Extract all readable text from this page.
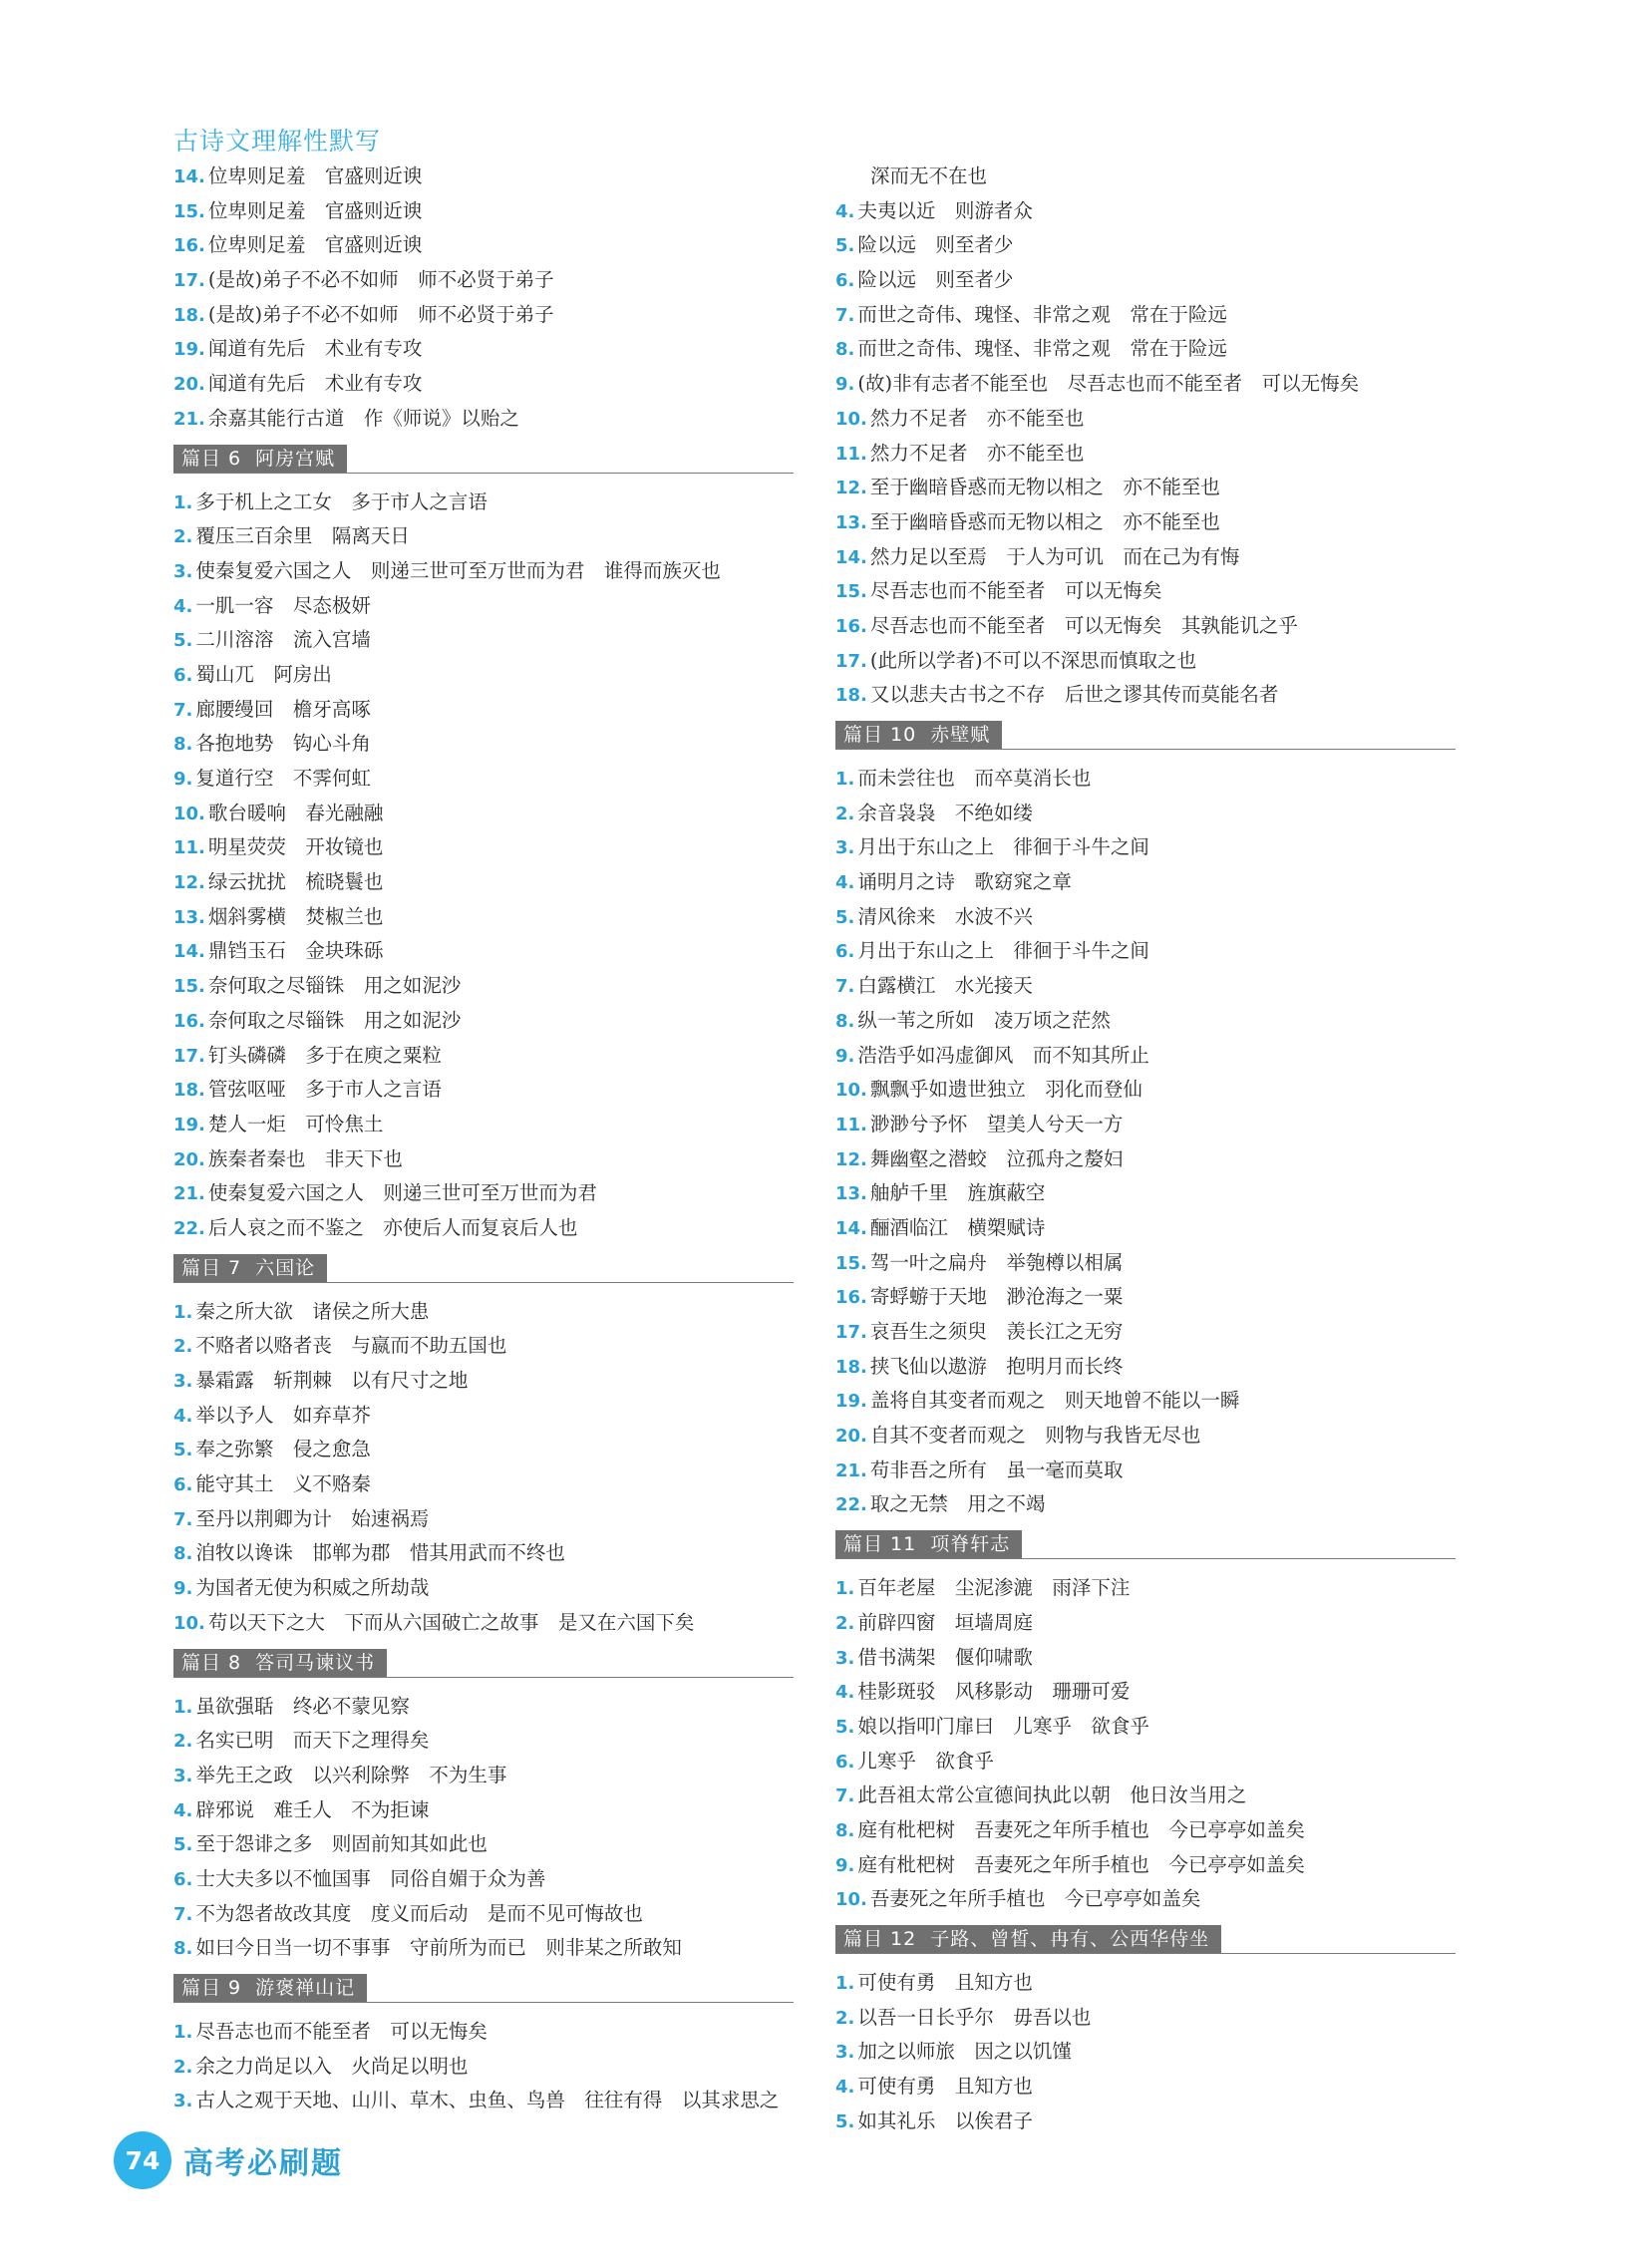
古诗文理解性默写
14. 位卑则足羞　官盛则近谀
15. 位卑则足羞　官盛则近谀
16. 位卑则足羞　官盛则近谀
17. (是故)弟子不必不如师　师不必贤于弟子
18. (是故)弟子不必不如师　师不必贤于弟子
19. 闻道有先后　术业有专攻
20. 闻道有先后　术业有专攻
21. 余嘉其能行古道　作《师说》以贻之
篇目 6 阿房宫赋
1. 多于机上之工女　多于市人之言语
2. 覆压三百余里　隔离天日
3. 使秦复爱六国之人　则递三世可至万世而为君　谁得而族灭也
4. 一肌一容　尽态极妍
5. 二川溶溶　流入宫墙
6. 蜀山兀　阿房出
7. 廊腰缦回　檐牙高啄
8. 各抱地势　钩心斗角
9. 复道行空　不霁何虹
10. 歌台暖响　春光融融
11. 明星荧荧　开妆镜也
12. 绿云扰扰　梳晓鬟也
13. 烟斜雾横　焚椒兰也
14. 鼎铛玉石　金块珠砾
15. 奈何取之尽锱铢　用之如泥沙
16. 奈何取之尽锱铢　用之如泥沙
17. 钉头磷磷　多于在庾之粟粒
18. 管弦呕哑　多于市人之言语
19. 楚人一炬　可怜焦土
20. 族秦者秦也　非天下也
21. 使秦复爱六国之人　则递三世可至万世而为君
22. 后人哀之而不鉴之　亦使后人而复哀后人也
篇目 7 六国论
1. 秦之所大欲　诸侯之所大患
2. 不赂者以赂者丧　与嬴而不助五国也
3. 暴霜露　斩荆棘　以有尺寸之地
4. 举以予人　如弃草芥
5. 奉之弥繁　侵之愈急
6. 能守其土　义不赂秦
7. 至丹以荆卿为计　始速祸焉
8. 洎牧以谗诛　邯郸为郡　惜其用武而不终也
9. 为国者无使为积威之所劫哉
10. 苟以天下之大　下而从六国破亡之故事　是又在六国下矣
篇目 8 答司马谏议书
1. 虽欲强聒　终必不蒙见察
2. 名实已明　而天下之理得矣
3. 举先王之政　以兴利除弊　不为生事
4. 辟邪说　难壬人　不为拒谏
5. 至于怨诽之多　则固前知其如此也
6. 士大夫多以不恤国事　同俗自媚于众为善
7. 不为怨者故改其度　度义而后动　是而不见可悔故也
8. 如曰今日当一切不事事　守前所为而已　则非某之所敢知
篇目 9 游褒禅山记
1. 尽吾志也而不能至者　可以无悔矣
2. 余之力尚足以入　火尚足以明也
3. 古人之观于天地、山川、草木、虫鱼、鸟兽　往往有得　以其求思之
深而无不在也
4. 夫夷以近　则游者众
5. 险以远　则至者少
6. 险以远　则至者少
7. 而世之奇伟、瑰怪、非常之观　常在于险远
8. 而世之奇伟、瑰怪、非常之观　常在于险远
9. (故)非有志者不能至也　尽吾志也而不能至者　可以无悔矣
10. 然力不足者　亦不能至也
11. 然力不足者　亦不能至也
12. 至于幽暗昏惑而无物以相之　亦不能至也
13. 至于幽暗昏惑而无物以相之　亦不能至也
14. 然力足以至焉　于人为可讥　而在己为有悔
15. 尽吾志也而不能至者　可以无悔矣
16. 尽吾志也而不能至者　可以无悔矣　其孰能讥之乎
17. (此所以学者)不可以不深思而慎取之也
18. 又以悲夫古书之不存　后世之谬其传而莫能名者
篇目 10 赤壁赋
1. 而未尝往也　而卒莫消长也
2. 余音袅袅　不绝如缕
3. 月出于东山之上　徘徊于斗牛之间
4. 诵明月之诗　歌窈窕之章
5. 清风徐来　水波不兴
6. 月出于东山之上　徘徊于斗牛之间
7. 白露横江　水光接天
8. 纵一苇之所如　凌万顷之茫然
9. 浩浩乎如冯虚御风　而不知其所止
10. 飘飘乎如遗世独立　羽化而登仙
11. 渺渺兮予怀　望美人兮天一方
12. 舞幽壑之潜蛟　泣孤舟之嫠妇
13. 舳舻千里　旌旗蔽空
14. 酾酒临江　横槊赋诗
15. 驾一叶之扁舟　举匏樽以相属
16. 寄蜉蝣于天地　渺沧海之一粟
17. 哀吾生之须臾　羡长江之无穷
18. 挟飞仙以遨游　抱明月而长终
19. 盖将自其变者而观之　则天地曾不能以一瞬
20. 自其不变者而观之　则物与我皆无尽也
21. 苟非吾之所有　虽一毫而莫取
22. 取之无禁　用之不竭
篇目 11 项脊轩志
1. 百年老屋　尘泥渗漉　雨泽下注
2. 前辟四窗　垣墙周庭
3. 借书满架　偃仰啸歌
4. 桂影斑驳　风移影动　珊珊可爱
5. 娘以指叩门扉曰　儿寒乎　欲食乎
6. 儿寒乎　欲食乎
7. 此吾祖太常公宣德间执此以朝　他日汝当用之
8. 庭有枇杷树　吾妻死之年所手植也　今已亭亭如盖矣
9. 庭有枇杷树　吾妻死之年所手植也　今已亭亭如盖矣
10. 吾妻死之年所手植也　今已亭亭如盖矣
篇目 12 子路、曾皙、冉有、公西华侍坐
1. 可使有勇　且知方也
2. 以吾一日长乎尔　毋吾以也
3. 加之以师旅　因之以饥馑
4. 可使有勇　且知方也
5. 如其礼乐　以俟君子
74 高考必刷题
